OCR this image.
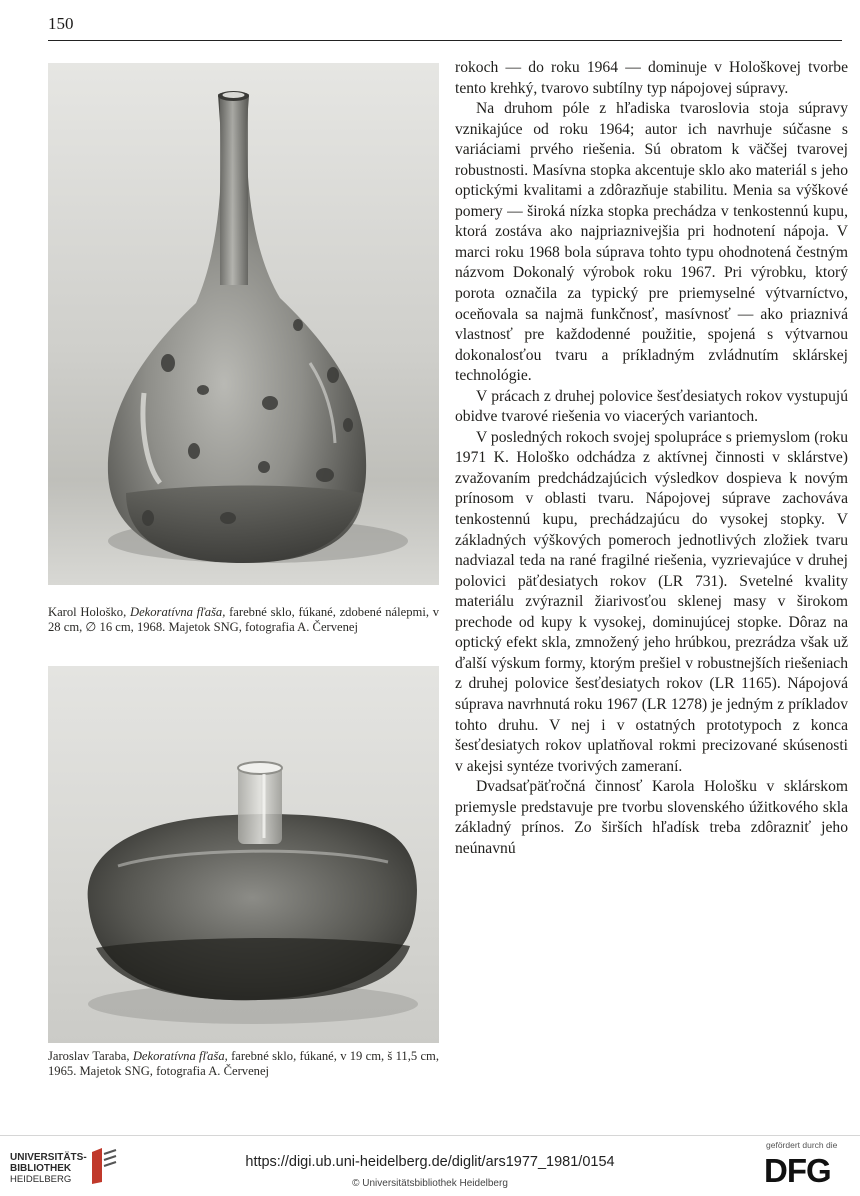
150
Karol Hološko, Dekoratívna fľaša, farebné sklo, fúkané, zdobené nálepmi, v 28 cm, ∅ 16 cm, 1968. Majetok SNG, fotografia A. Červenej
Jaroslav Taraba, Dekoratívna fľaša, farebné sklo, fúkané, v 19 cm, š 11,5 cm, 1965. Majetok SNG, fotografia A. Červenej

rokoch — do roku 1964 — dominuje v Hološkovej tvorbe tento krehký, tvarovo subtílny typ nápojovej súpravy.

Na druhom póle z hľadiska tvaroslovia stoja súpravy vznikajúce od roku 1964; autor ich navrhuje súčasne s variáciami prvého riešenia. Sú obratom k väčšej tvarovej robustnosti. Masívna stopka akcentuje sklo ako materiál s jeho optickými kvalitami a zdôrazňuje stabilitu. Menia sa výškové pomery — široká nízka stopka prechádza v tenkostennú kupu, ktorá zostáva ako najpriaznivejšia pri hodnotení nápoja. V marci roku 1968 bola súprava tohto typu ohodnotená čestným názvom Dokonalý výrobok roku 1967. Pri výrobku, ktorý porota označila za typický pre priemyselné výtvarníctvo, oceňovala sa najmä funkčnosť, masívnosť — ako priaznivá vlastnosť pre každodenné použitie, spojená s výtvarnou dokonalosťou tvaru a príkladným zvládnutím sklárskej technológie.

V prácach z druhej polovice šesťdesiatych rokov vystupujú obidve tvarové riešenia vo viacerých variantoch.

V posledných rokoch svojej spolupráce s priemyslom (roku 1971 K. Hološko odchádza z aktívnej činnosti v sklárstve) zvažovaním predchádzajúcich výsledkov dospieva k novým prínosom v oblasti tvaru. Nápojovej súprave zachováva tenkostennú kupu, prechádzajúcu do vysokej stopky. V základných výškových pomeroch jednotlivých zložiek tvaru nadviazal teda na rané fragilné riešenia, vyzrievajúce v druhej polovici päťdesiatych rokov (LR 731). Svetelné kvality materiálu zvýraznil žiarivosťou sklenej masy v širokom prechode od kupy k vysokej, dominujúcej stopke. Dôraz na optický efekt skla, zmnožený jeho hrúbkou, prezrádza však už ďalší výskum formy, ktorým prešiel v robustnejších riešeniach z druhej polovice šesťdesiatych rokov (LR 1165). Nápojová súprava navrhnutá roku 1967 (LR 1278) je jedným z príkladov tohto druhu. V nej i v ostatných prototypoch z konca šesťdesiatych rokov uplatňoval rokmi precizované skúsenosti v akejsi syntéze tvorivých zameraní.

Dvadsaťpäťročná činnosť Karola Hološku v sklárskom priemysle predstavuje pre tvorbu slovenského úžitkového skla základný prínos. Zo širších hľadísk treba zdôrazniť jeho neúnavnú

UNIVERSITÄTS-
BIBLIOTHEK
HEIDELBERG
https://digi.ub.uni-heidelberg.de/diglit/ars1977_1981/0154
© Universitätsbibliothek Heidelberg
gefördert durch die
DFG
